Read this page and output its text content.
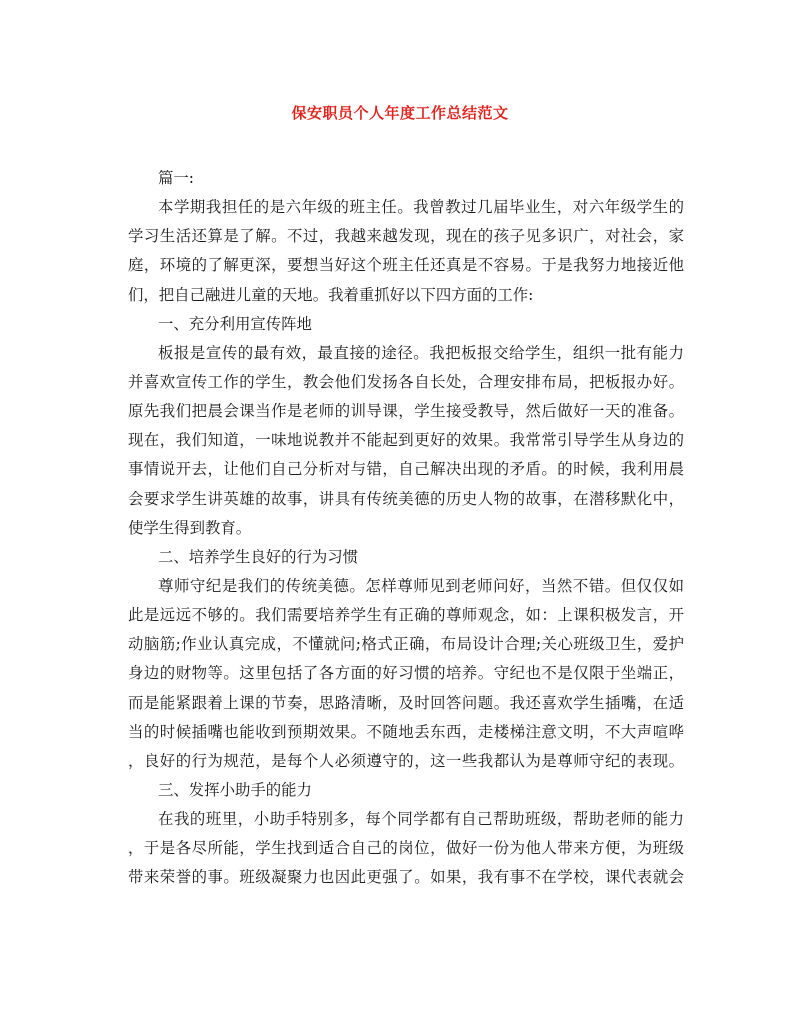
保安职员个人年度工作总结范文
篇一:
本学期我担任的是六年级的班主任。我曾教过几届毕业生，对六年级学生的
学习生活还算是了解。不过，我越来越发现，现在的孩子见多识广，对社会，家
庭，环境的了解更深，要想当好这个班主任还真是不容易。于是我努力地接近他
们，把自己融进儿童的天地。我着重抓好以下四方面的工作:
一、充分利用宣传阵地
板报是宣传的最有效，最直接的途径。我把板报交给学生，组织一批有能力
并喜欢宣传工作的学生，教会他们发扬各自长处，合理安排布局，把板报办好。
原先我们把晨会课当作是老师的训导课，学生接受教导，然后做好一天的准备。
现在，我们知道，一味地说教并不能起到更好的效果。我常常引导学生从身边的
事情说开去，让他们自己分析对与错，自己解决出现的矛盾。的时候，我利用晨
会要求学生讲英雄的故事，讲具有传统美德的历史人物的故事，在潜移默化中，
使学生得到教育。
二、培养学生良好的行为习惯
尊师守纪是我们的传统美德。怎样尊师见到老师问好，当然不错。但仅仅如
此是远远不够的。我们需要培养学生有正确的尊师观念，如：上课积极发言，开
动脑筋;作业认真完成，不懂就问;格式正确，布局设计合理;关心班级卫生，爱护
身边的财物等。这里包括了各方面的好习惯的培养。守纪也不是仅限于坐端正，
而是能紧跟着上课的节奏，思路清晰，及时回答问题。我还喜欢学生插嘴，在适
当的时候插嘴也能收到预期效果。不随地丢东西，走楼梯注意文明，不大声喧哗
，良好的行为规范，是每个人必须遵守的，这一些我都认为是尊师守纪的表现。
三、发挥小助手的能力
在我的班里，小助手特别多，每个同学都有自己帮助班级，帮助老师的能力
，于是各尽所能，学生找到适合自己的岗位，做好一份为他人带来方便，为班级
带来荣誉的事。班级凝聚力也因此更强了。如果，我有事不在学校，课代表就会
